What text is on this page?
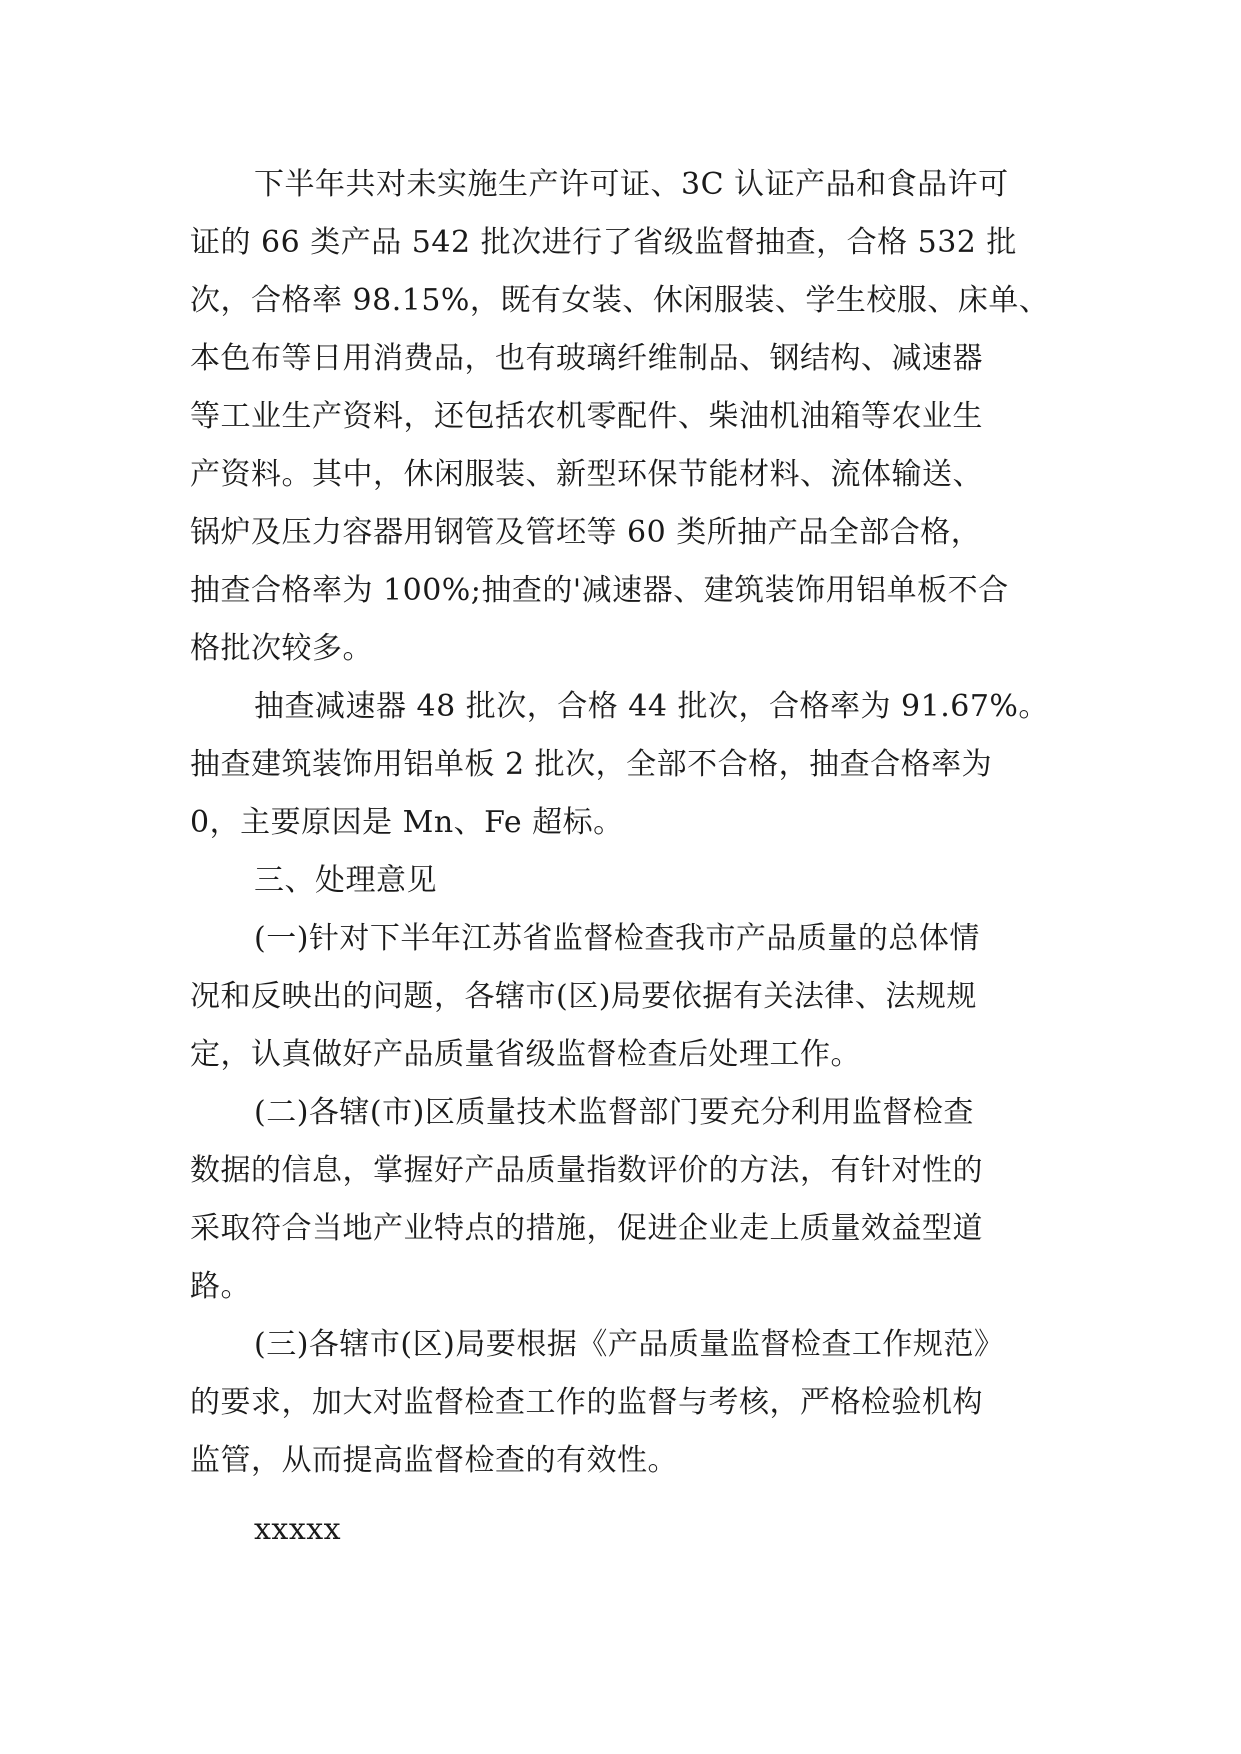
下半年共对未实施生产许可证、3C 认证产品和食品许可
证的 66 类产品 542 批次进行了省级监督抽查，合格 532 批
次，合格率 98.15%，既有女装、休闲服装、学生校服、床单、
本色布等日用消费品，也有玻璃纤维制品、钢结构、减速器
等工业生产资料，还包括农机零配件、柴油机油箱等农业生
产资料。其中，休闲服装、新型环保节能材料、流体输送、
锅炉及压力容器用钢管及管坯等 60 类所抽产品全部合格，
抽查合格率为 100%;抽查的'减速器、建筑装饰用铝单板不合
格批次较多。
抽查减速器 48 批次，合格 44 批次，合格率为 91.67%。
抽查建筑装饰用铝单板 2 批次，全部不合格，抽查合格率为
0，主要原因是 Mn、Fe 超标。
三、处理意见
(一)针对下半年江苏省监督检查我市产品质量的总体情
况和反映出的问题，各辖市(区)局要依据有关法律、法规规
定，认真做好产品质量省级监督检查后处理工作。
(二)各辖(市)区质量技术监督部门要充分利用监督检查
数据的信息，掌握好产品质量指数评价的方法，有针对性的
采取符合当地产业特点的措施，促进企业走上质量效益型道
路。
(三)各辖市(区)局要根据《产品质量监督检查工作规范》
的要求，加大对监督检查工作的监督与考核，严格检验机构
监管，从而提高监督检查的有效性。
xxxxx
